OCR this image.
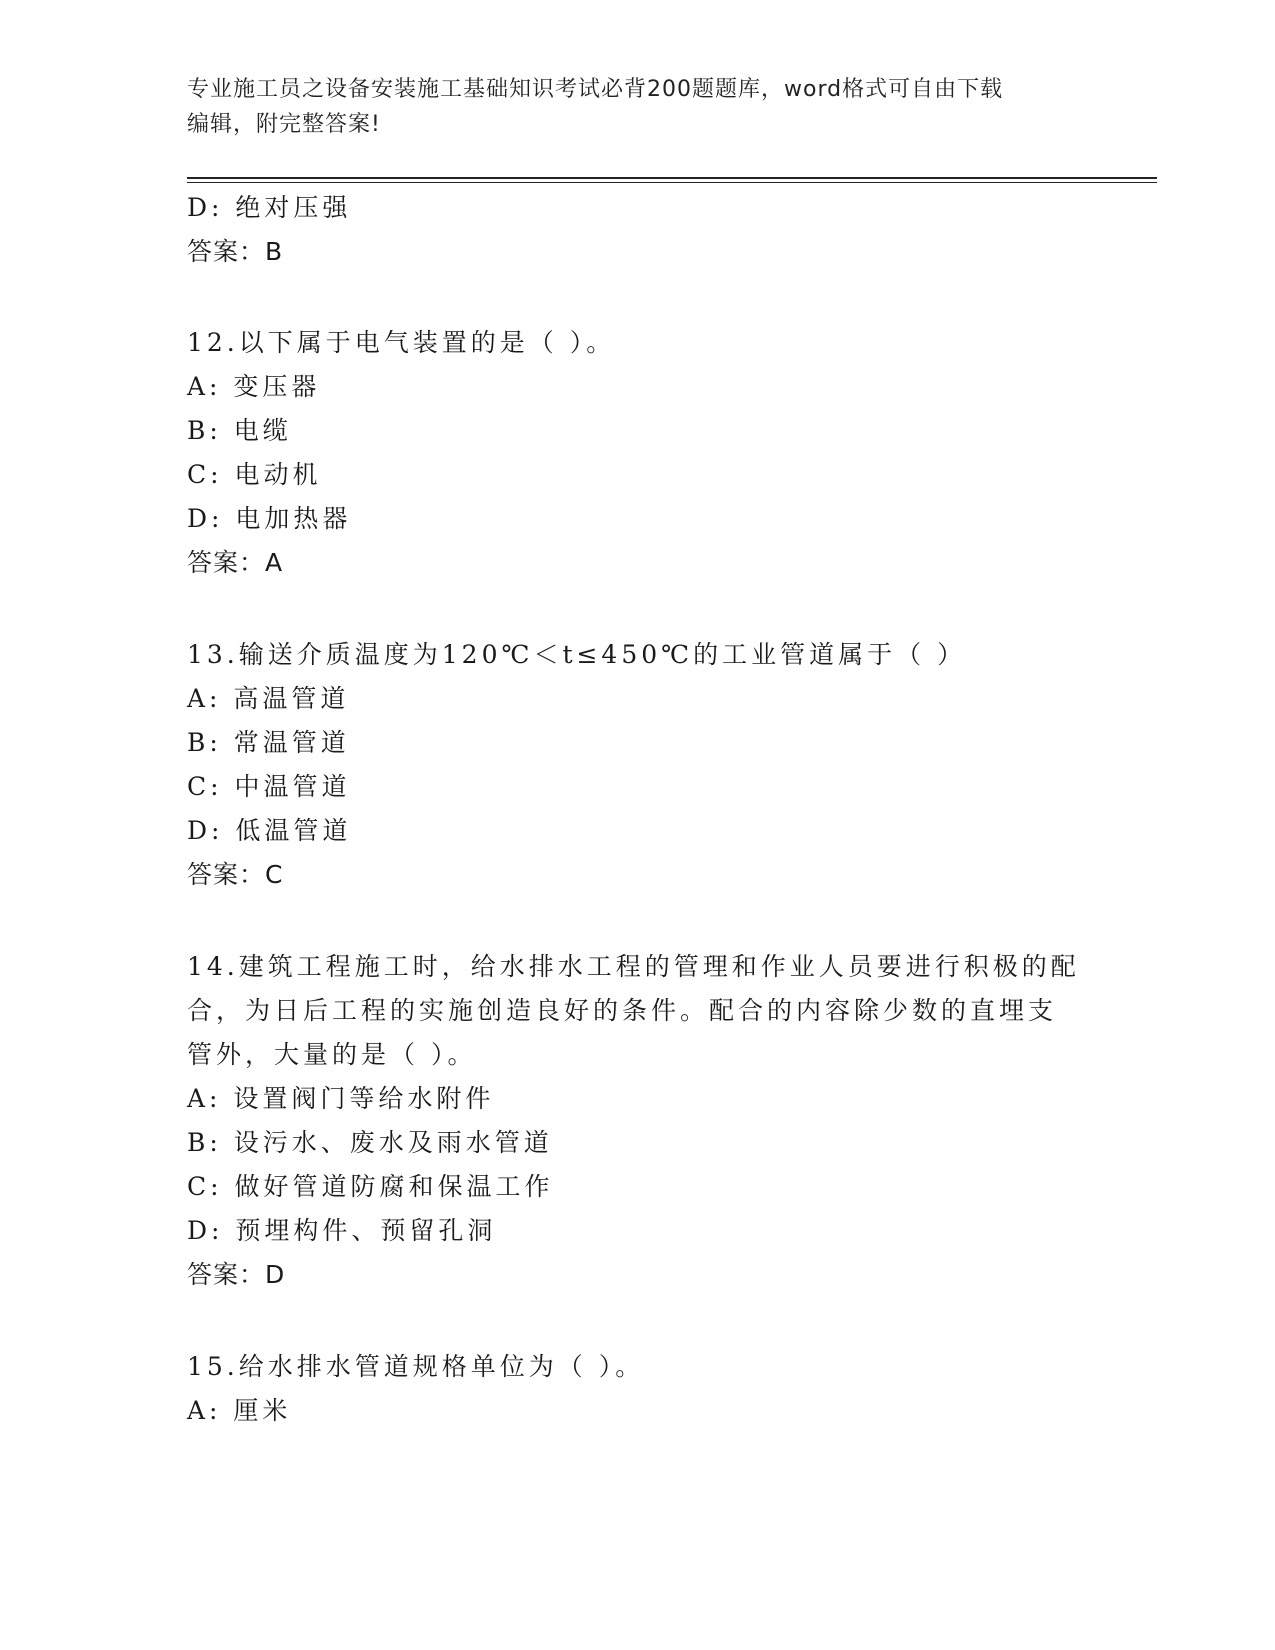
专业施工员之设备安装施工基础知识考试必背200题题库，word格式可自由下载
编辑，附完整答案!
D: 绝对压强
答案：B
12.以下属于电气装置的是（ ）。
A: 变压器
B: 电缆
C: 电动机
D: 电加热器
答案：A
13.输送介质温度为120℃＜t≤450℃的工业管道属于（ ）
A: 高温管道
B: 常温管道
C: 中温管道
D: 低温管道
答案：C
14.建筑工程施工时，给水排水工程的管理和作业人员要进行积极的配
合，为日后工程的实施创造良好的条件。配合的内容除少数的直埋支
管外，大量的是（ ）。
A: 设置阀门等给水附件
B: 设污水、废水及雨水管道
C: 做好管道防腐和保温工作
D: 预埋构件、预留孔洞
答案：D
15.给水排水管道规格单位为（ ）。
A: 厘米
